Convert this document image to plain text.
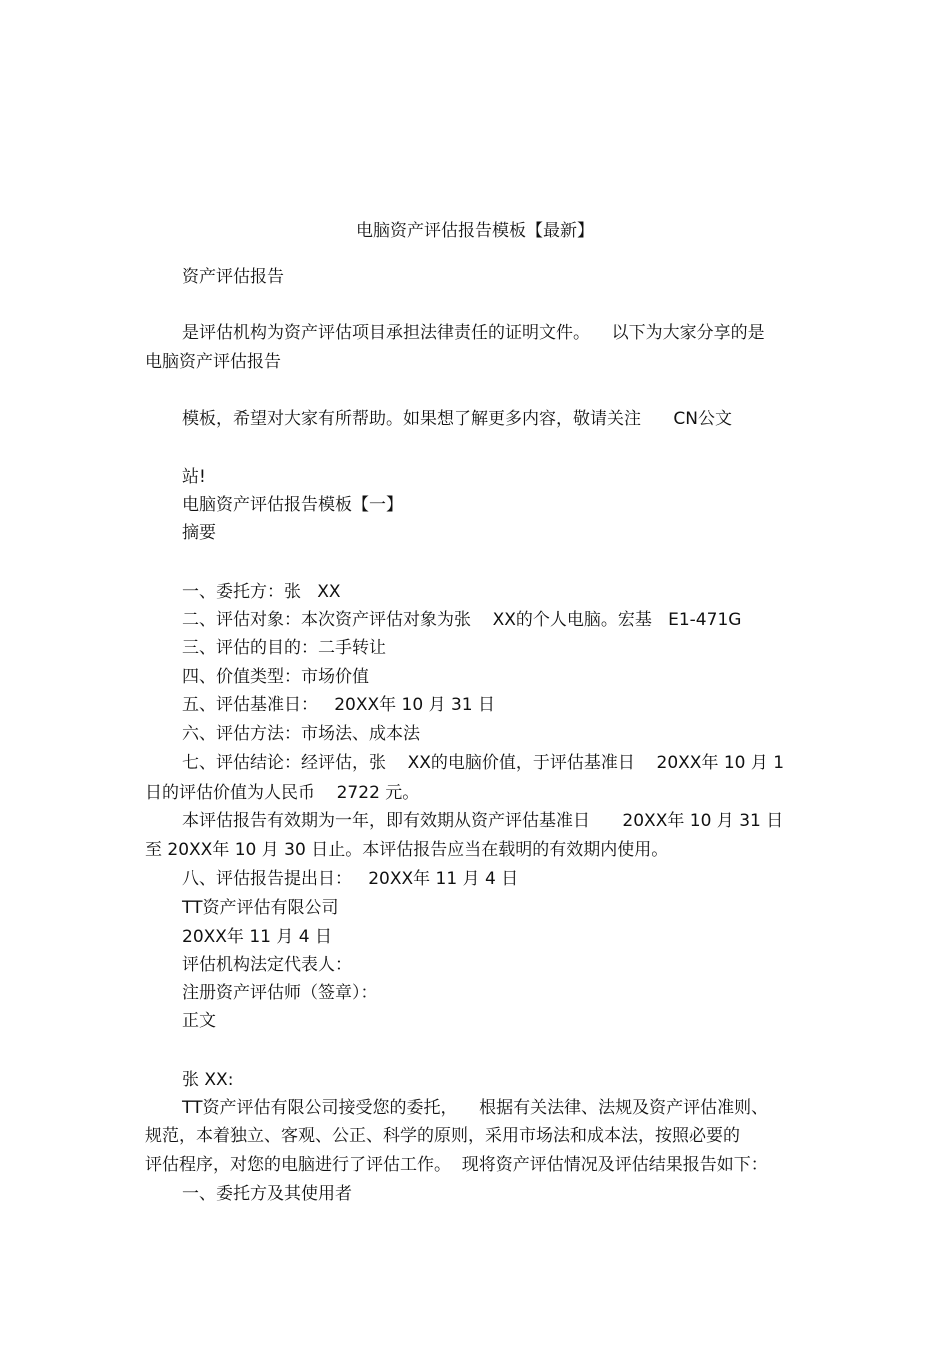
电脑资产评估报告模板【最新】

资产评估报告

是评估机构为资产评估项目承担法律责任的证明文件。    以下为大家分享的是

电脑资产评估报告

模板，希望对大家有所帮助。如果想了解更多内容，敬请关注      CN公文

站!

电脑资产评估报告模板【一】

摘要

一、委托方：张   XX

二、评估对象：本次资产评估对象为张    XX的个人电脑。宏基   E1-471G

三、评估的目的：二手转让

四、价值类型：市场价值

五、评估基准日：   20XX年 10 月 31 日

六、评估方法：市场法、成本法

七、评估结论：经评估，张    XX的电脑价值，于评估基准日    20XX年 10 月 1

日的评估价值为人民币    2722 元。

本评估报告有效期为一年，即有效期从资产评估基准日      20XX年 10 月 31 日

至 20XX年 10 月 30 日止。本评估报告应当在载明的有效期内使用。

八、评估报告提出日：   20XX年 11 月 4 日

TT资产评估有限公司

20XX年 11 月 4 日

评估机构法定代表人：

注册资产评估师（签章）：

正文

张 XX:

TT资产评估有限公司接受您的委托，    根据有关法律、法规及资产评估准则、

规范，本着独立、客观、公正、科学的原则，采用市场法和成本法，按照必要的

评估程序，对您的电脑进行了评估工作。  现将资产评估情况及评估结果报告如下：

一、委托方及其使用者
